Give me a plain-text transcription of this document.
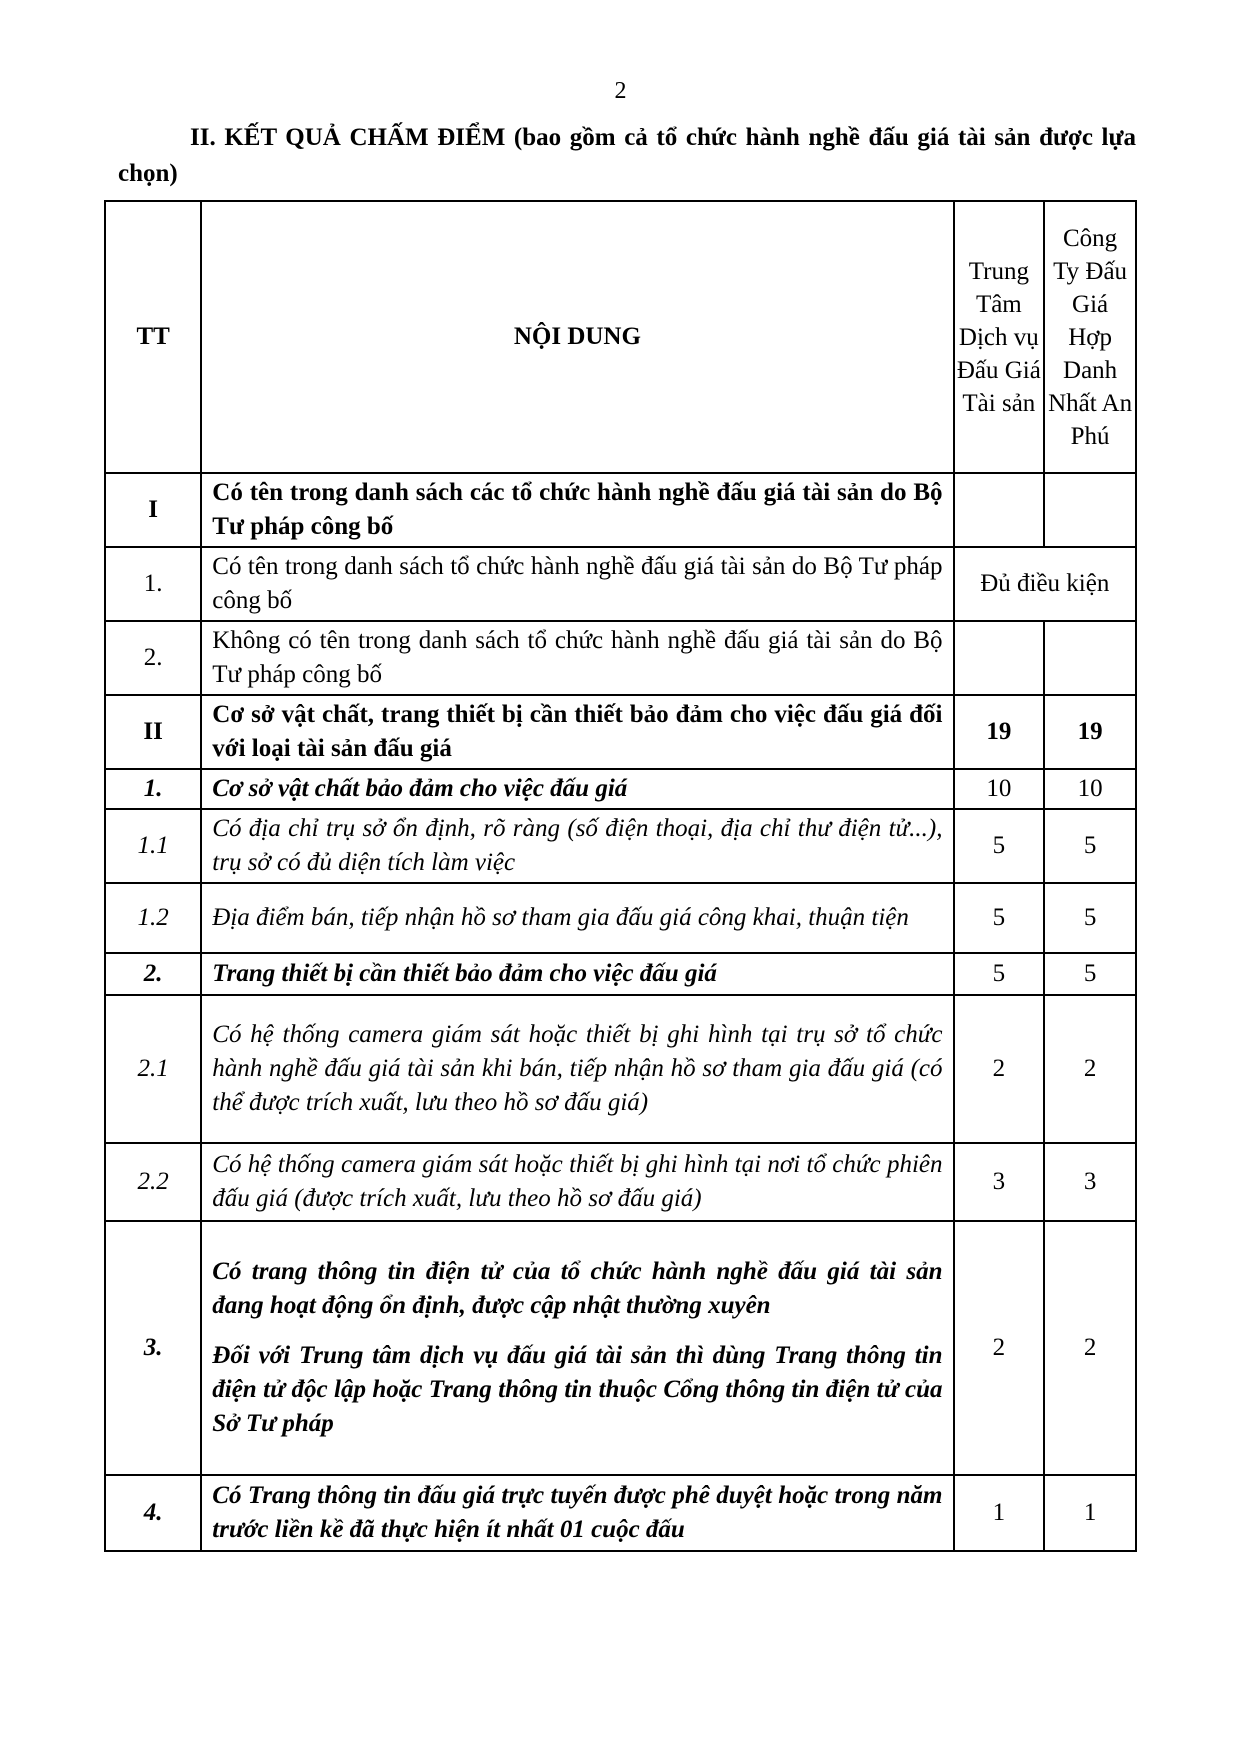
2
II. KẾT QUẢ CHẤM ĐIỂM (bao gồm cả tổ chức hành nghề đấu giá tài sản được lựa chọn)
TT	NỘI DUNG	Trung Tâm Dịch vụ Đấu Giá Tài sản	Công Ty Đấu Giá Hợp Danh Nhất An Phú
I	Có tên trong danh sách các tổ chức hành nghề đấu giá tài sản do Bộ Tư pháp công bố		
1.	Có tên trong danh sách tổ chức hành nghề đấu giá tài sản do Bộ Tư pháp công bố	Đủ điều kiện	
2.	Không có tên trong danh sách tổ chức hành nghề đấu giá tài sản do Bộ Tư pháp công bố		
II	Cơ sở vật chất, trang thiết bị cần thiết bảo đảm cho việc đấu giá đối với loại tài sản đấu giá	19	19
1.	Cơ sở vật chất bảo đảm cho việc đấu giá	10	10
1.1	Có địa chỉ trụ sở ổn định, rõ ràng (số điện thoại, địa chỉ thư điện tử...), trụ sở có đủ diện tích làm việc	5	5
1.2	Địa điểm bán, tiếp nhận hồ sơ tham gia đấu giá công khai, thuận tiện	5	5
2.	Trang thiết bị cần thiết bảo đảm cho việc đấu giá	5	5
2.1	Có hệ thống camera giám sát hoặc thiết bị ghi hình tại trụ sở tổ chức hành nghề đấu giá tài sản khi bán, tiếp nhận hồ sơ tham gia đấu giá (có thể được trích xuất, lưu theo hồ sơ đấu giá)	2	2
2.2	Có hệ thống camera giám sát hoặc thiết bị ghi hình tại nơi tổ chức phiên đấu giá (được trích xuất, lưu theo hồ sơ đấu giá)	3	3
3.	Có trang thông tin điện tử của tổ chức hành nghề đấu giá tài sản đang hoạt động ổn định, được cập nhật thường xuyên
Đối với Trung tâm dịch vụ đấu giá tài sản thì dùng Trang thông tin điện tử độc lập hoặc Trang thông tin thuộc Cổng thông tin điện tử của Sở Tư pháp	2	2
4.	Có Trang thông tin đấu giá trực tuyến được phê duyệt hoặc trong năm trước liền kề đã thực hiện ít nhất 01 cuộc đấu	1	1
